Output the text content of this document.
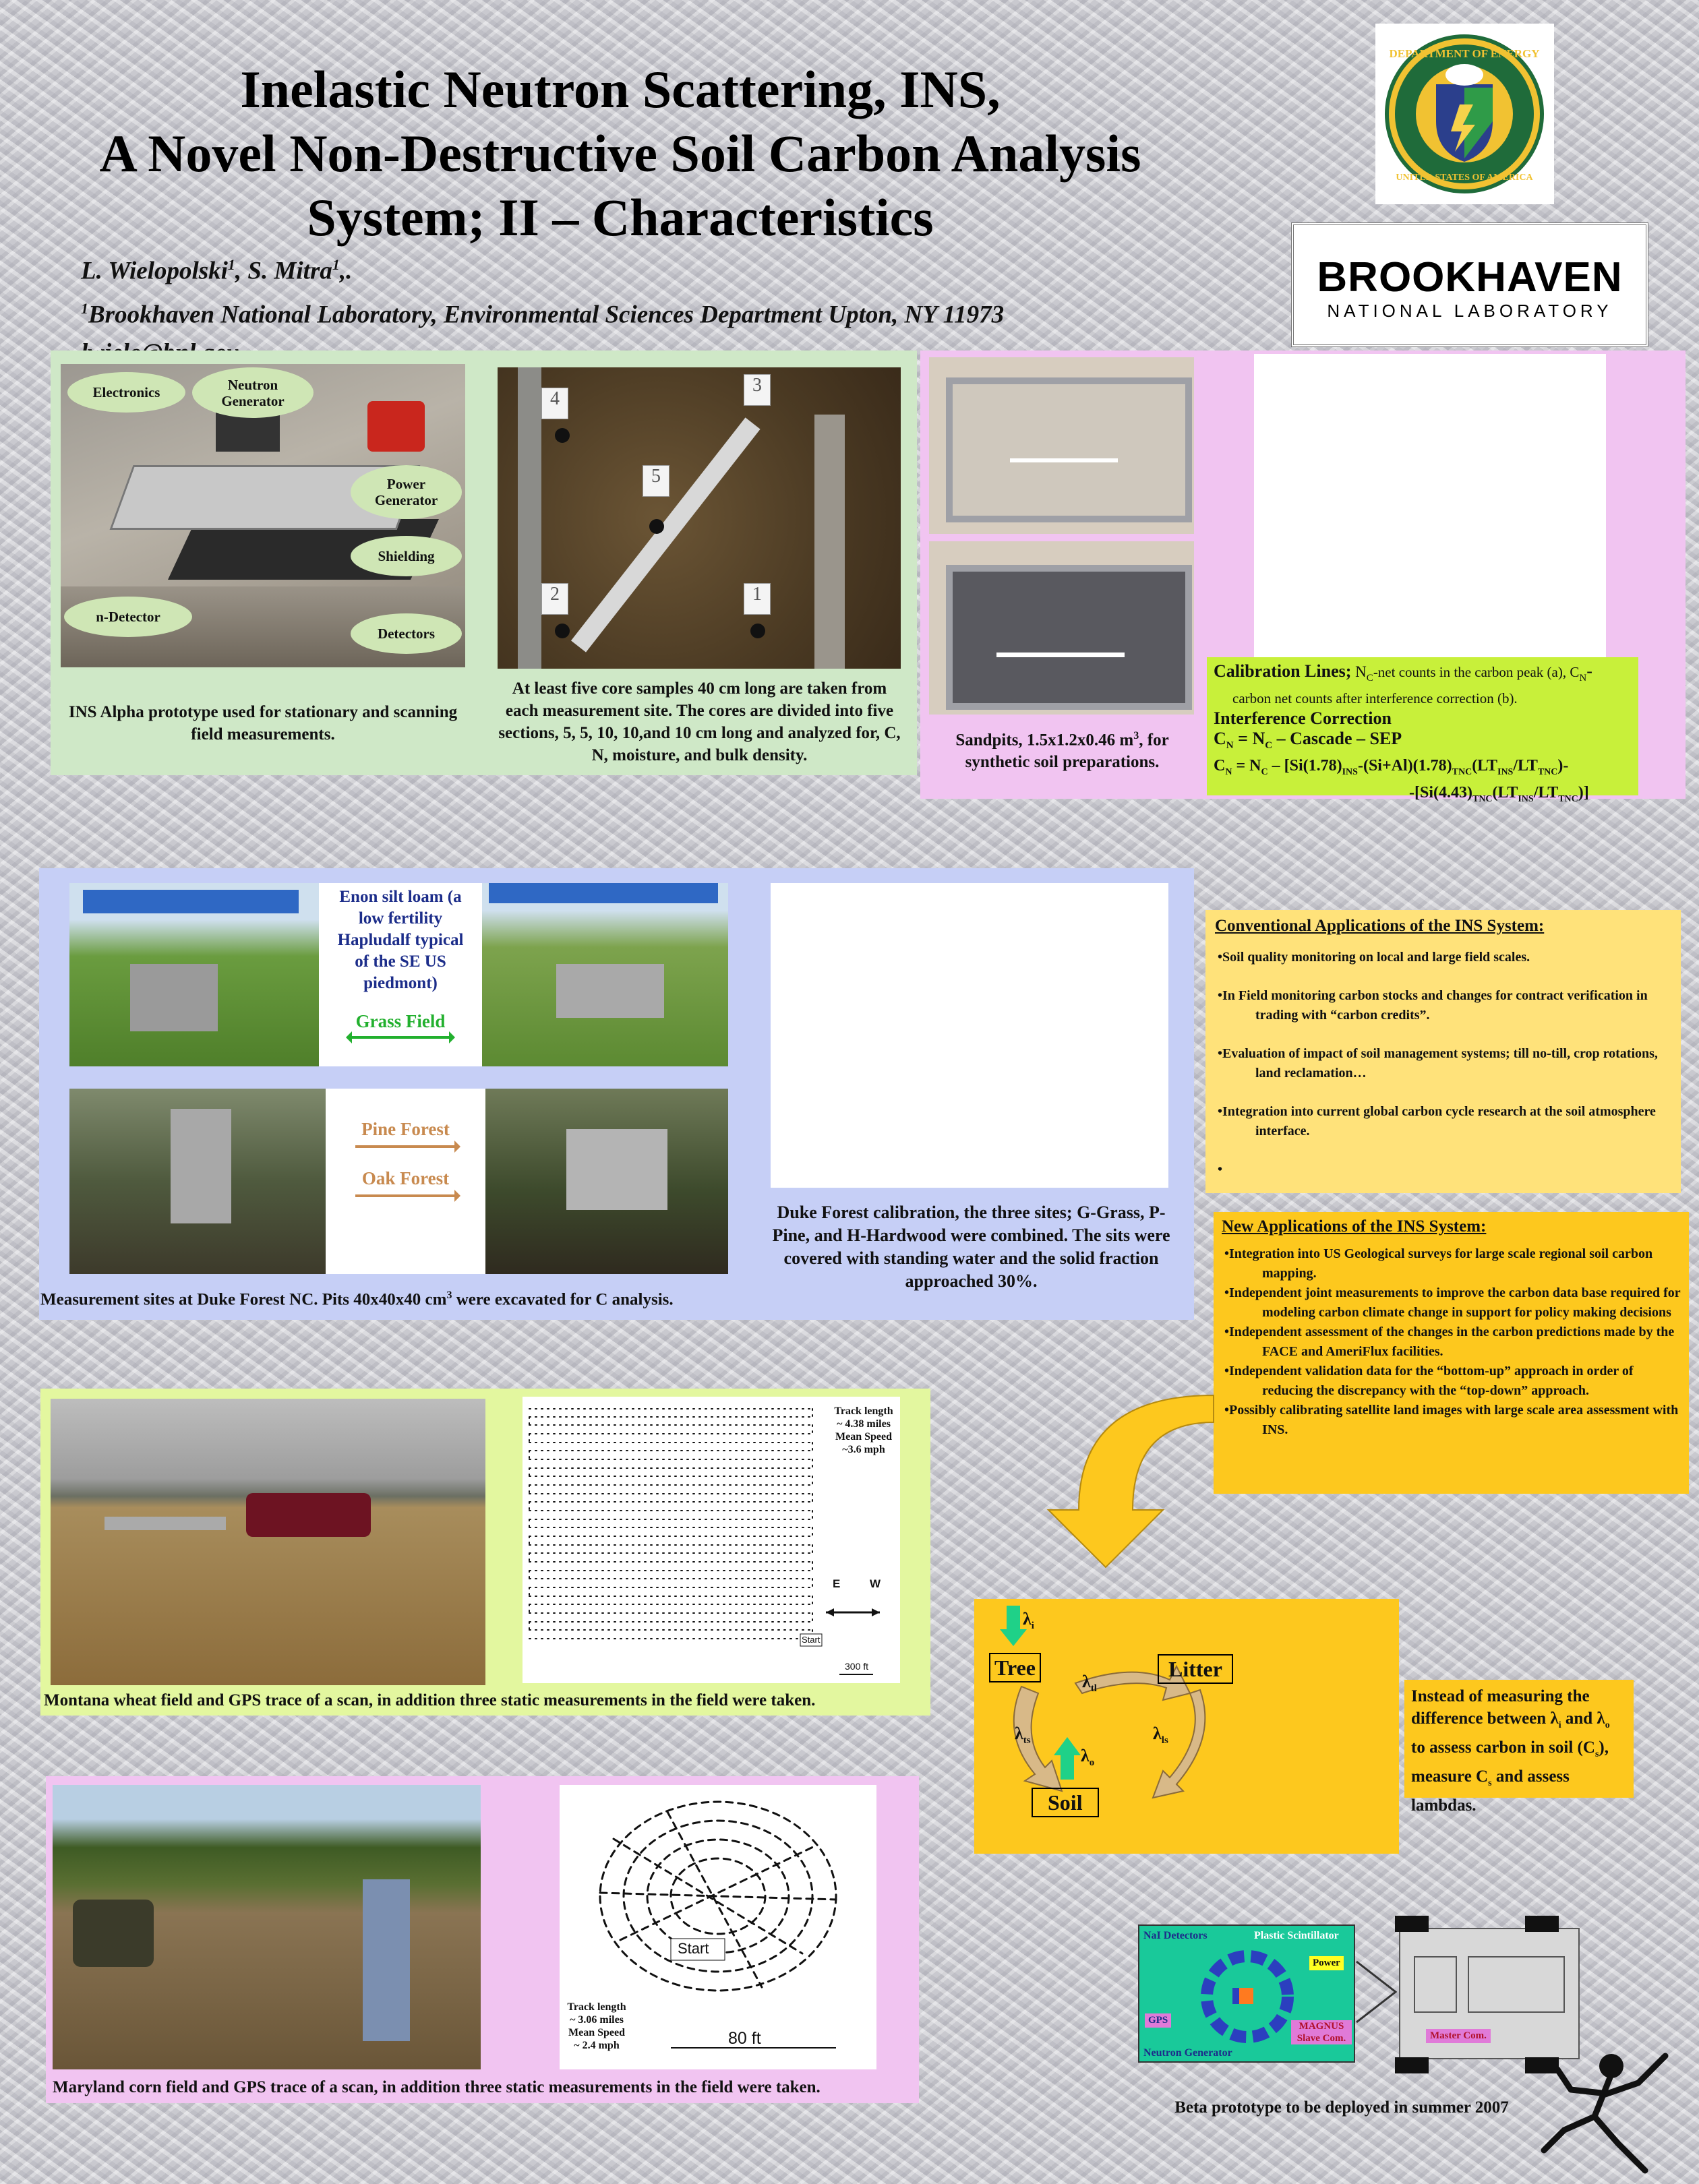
Inelastic Neutron Scattering, INS,
A Novel Non-Destructive Soil Carbon Analysis
System; II – Characteristics
L. Wielopolski$^1$, S. Mitra$^1$,.
$^1$Brookhaven National Laboratory, Environmental Sciences Department Upton, NY 11973
DEPARTMENT OF ENERGY
UNITED STATES OF AMERICA
BROOKHAVEN
NATIONAL LABORATORY
Electronics	Neutron Generator
Power Generator
Shielding
n-Detector
Detectors
INS Alpha prototype used for stationary and scanning field measurements.
4
3
5
2	1
At least five core samples 40 cm long are taken from each measurement site. The cores are divided into five sections, 5, 5, 10, 10,and 10 cm long and analyzed for, C, N, moisture, and bulk density.
Sandpits, 1.5x1.2x0.46 $m^3$, for synthetic soil preparations.
Calibration Lines; $N_C$-net counts in the carbon peak (a), $C_N-$
carbon net counts after interference correction (b).
Interference Correction
$C_N = N_C$ – Cascade – SEP
$C_N = N_C - [Si(1.78)_{INS}-(Si+Al)(1.78)_{TNC}(LT_{INS}/LT_{TNC})-$
$-[Si(4.43)_{TNC}(LT_{INS}/LT_{TNC})]$
Enon silt loam (a low fertility Hapludalf typical of the SE US piedmont)
Grass Field
Pine Forest
Oak Forest
Measurement sites at Duke Forest NC. Pits 40x40x40 $cm^3$ were excavated for C analysis.
Duke Forest calibration, the three sites; G-Grass, P-Pine, and H-Hardwood were combined. The sits were covered with standing water and the solid fraction approached 30%.
Conventional Applications of the INS System:
• Soil quality monitoring on local and large field scales.
• In Field monitoring carbon stocks and changes for contract verification in trading with “carbon credits”.
• Evaluation of impact of soil management systems; till no-till, crop rotations, land reclamation…
• Integration into current global carbon cycle research at the soil atmosphere interface.
•
New Applications of the INS System:
• Integration into US Geological surveys for large scale regional soil carbon mapping.
• Independent joint measurements to improve the carbon data base required for modeling carbon climate change in support for policy making decisions
• Independent assessment of the changes in the carbon predictions made by the FACE and AmeriFlux facilities.
• Independent validation data for the “bottom-up” approach in order of reducing the discrepancy with the “top-down” approach.
• Possibly calibrating satellite land images with large scale area assessment with INS.
Track length
~ 4.38 miles
Mean Speed
~3.6 mph
E	W
Start
300 ft
Montana wheat field and GPS trace of a scan, in addition three static measurements in the field were taken.
Start
80 ft
Track length
~ 3.06 miles
Mean Speed
~ 2.4 mph
Maryland corn field and GPS trace of a scan, in addition three static measurements in the field were taken.
Tree	Litter
Soil
$\lambda_i$
$\lambda_{tl}$
$\lambda_{ts}$	$\lambda_{ls}$
$\lambda_o$
Instead of measuring the difference between $\lambda_i$ and $\lambda_o$ to assess carbon in soil $(C_s)$, measure $C_s$ and assess lambdas.
NaI Detectors	Plastic Scintillator
Power
GPS
MAGNUS Slave Com.
Neutron Generator
Master Com.
Beta prototype to be deployed in summer 2007
